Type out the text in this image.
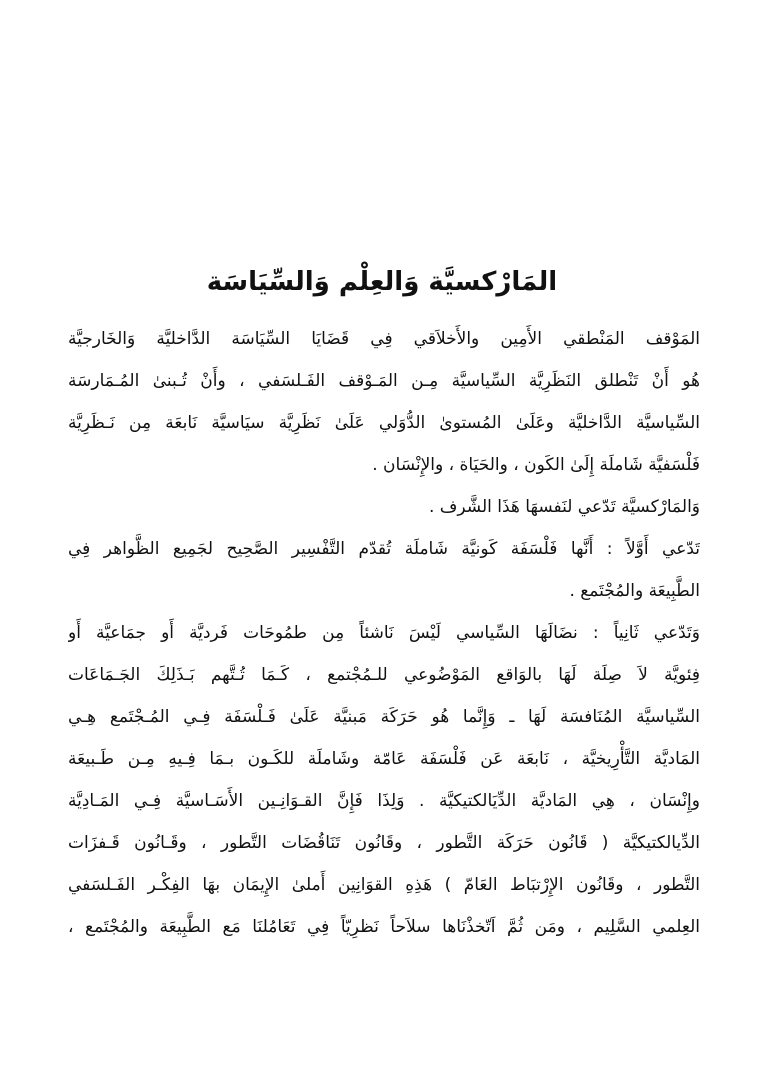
المَارْكسيَّة وَالعِلْم وَالسِّيَاسَة
المَوْقف المَنْطقي الأَمِين والأَخلاَقي فِي قَضَايَا السِّيَاسَة الدَّاخليَّة وَالخَارجيَّة
هُو أَنْ تَنْطلق النَظَرِيَّة السِّياسيَّة مِـن المَـوْقف الفَـلسَفي ، وأَنْ تُـبنىٰ المُـمَارسَة
السِّياسيَّة الدَّاخليَّة وعَلَىٰ المُستوىٰ الدُّوَلي عَلَىٰ نَظَرِيَّة سيَاسيَّة نَابعَة مِن نَـظَرِيَّة
فَلْسَفيَّة شَاملَة إِلَىٰ الكَون ، والحَيَاة ، والإِنْسَان .
وَالمَارْكسيَّة تَدّعي لنَفسهَا هَذَا الشَّرف .
تَدّعي أَوَّلاً : أَنَّها فَلْسَفَة كَونيَّة شَاملَة تُقدّم التَّفْسِير الصَّحِيح لجَمِيع الظَّواهر فِي
الطَّبِيعَة والمُجْتَمع .
وَتَدّعي ثَانِياً : نضَالَهَا السِّياسي لَيْسَ نَاشئاً مِن طمُوحَات فَرديَّة أَو جمَاعيَّة أَو
فِئويَّة لاَ صِلَة لَهَا بالوَاقع المَوْضُوعي للـمُجْتمع ، كَـمَا تُـتَّهم بَـذَلِكَ الجَـمَاعَات
السِّياسيَّة المُنَافسَة لَهَا ـ وَإِنَّما هُو حَرَكَة مَبنيَّة عَلَىٰ فَـلْسَفَة فِـي المُـجْتَمع هِـي
المَاديَّة التَّأْرِيخيَّة ، نَابعَة عَن فَلْسَفَة عَامّة وشَاملَة للكَـون بـمَا فِـيهِ مِـن طَـبيعَة
وإِنْسَان ، هِي المَاديَّة الدِّيَالكتيكيَّة . وَلِذَا فَإِنَّ القـوَانِـين الأَسَـاسيَّة فِـي المَـادِيَّة
الدِّيالكتيكيَّة ( قَانُون حَرَكَة التَّطور ، وقَانُون تَنَاقُضَات التَّطور ، وقَـانُون قَـفزَات
التَّطور ، وقَانُون الإِرْتبَاط العَامّ ) هَذِهِ القوَانِين أَملىٰ الإِيمَان بهَا الفِكْـر الفَـلسَفي
العِلمي السَّلِيم ، ومَن ثُمَّ اَتّخذْنَاها سلاَحاً نَظرِيّاً فِي تَعَامُلنَا مَع الطَّبِيعَة والمُجْتَمع ،
